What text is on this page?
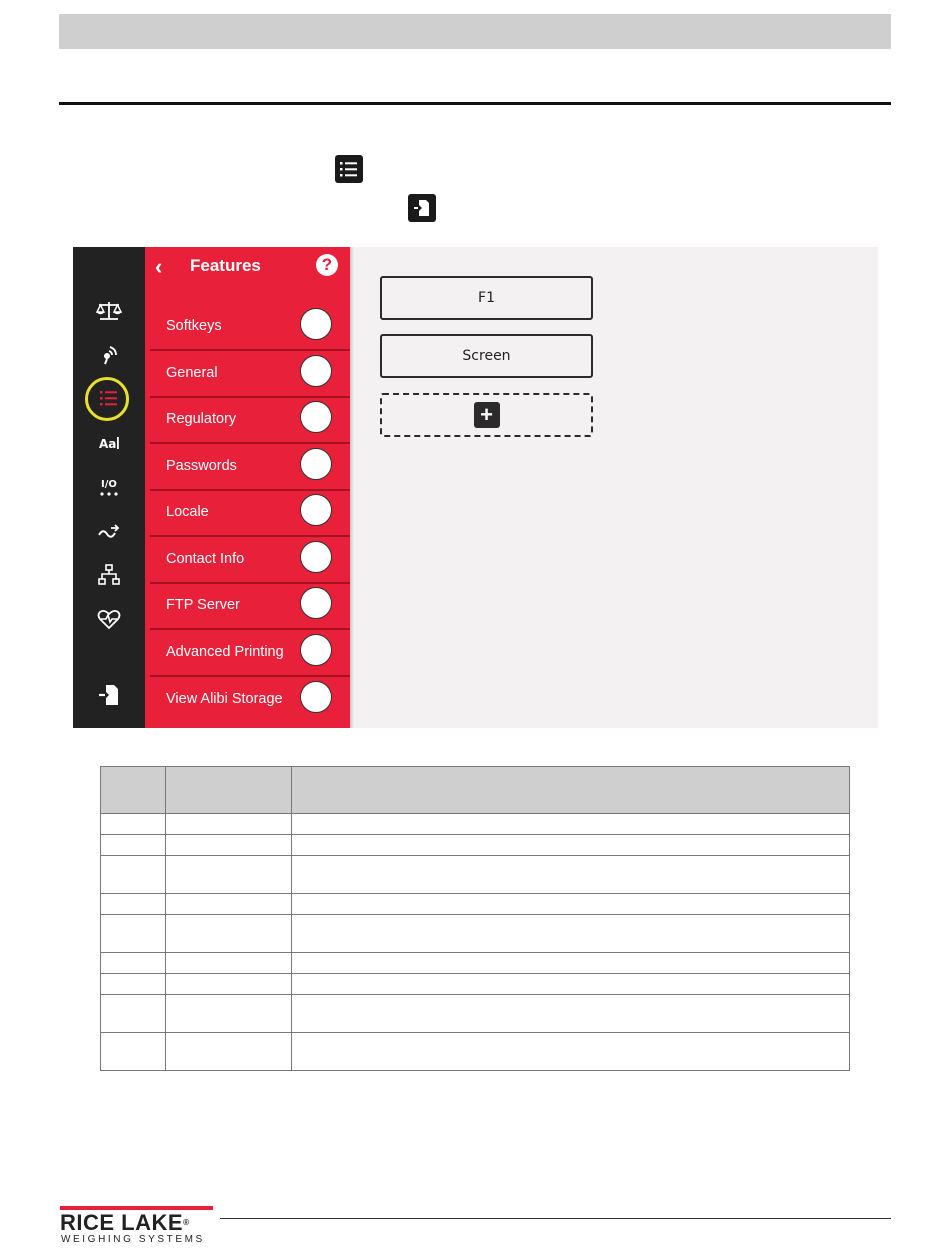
Aa
I/O
‹ Features	?
Softkeys
General
Regulatory
Passwords
Locale
Contact Info
FTP Server
Advanced Printing
View Alibi Storage
F1
Screen
+

RICE LAKE®
WEIGHING SYSTEMS
